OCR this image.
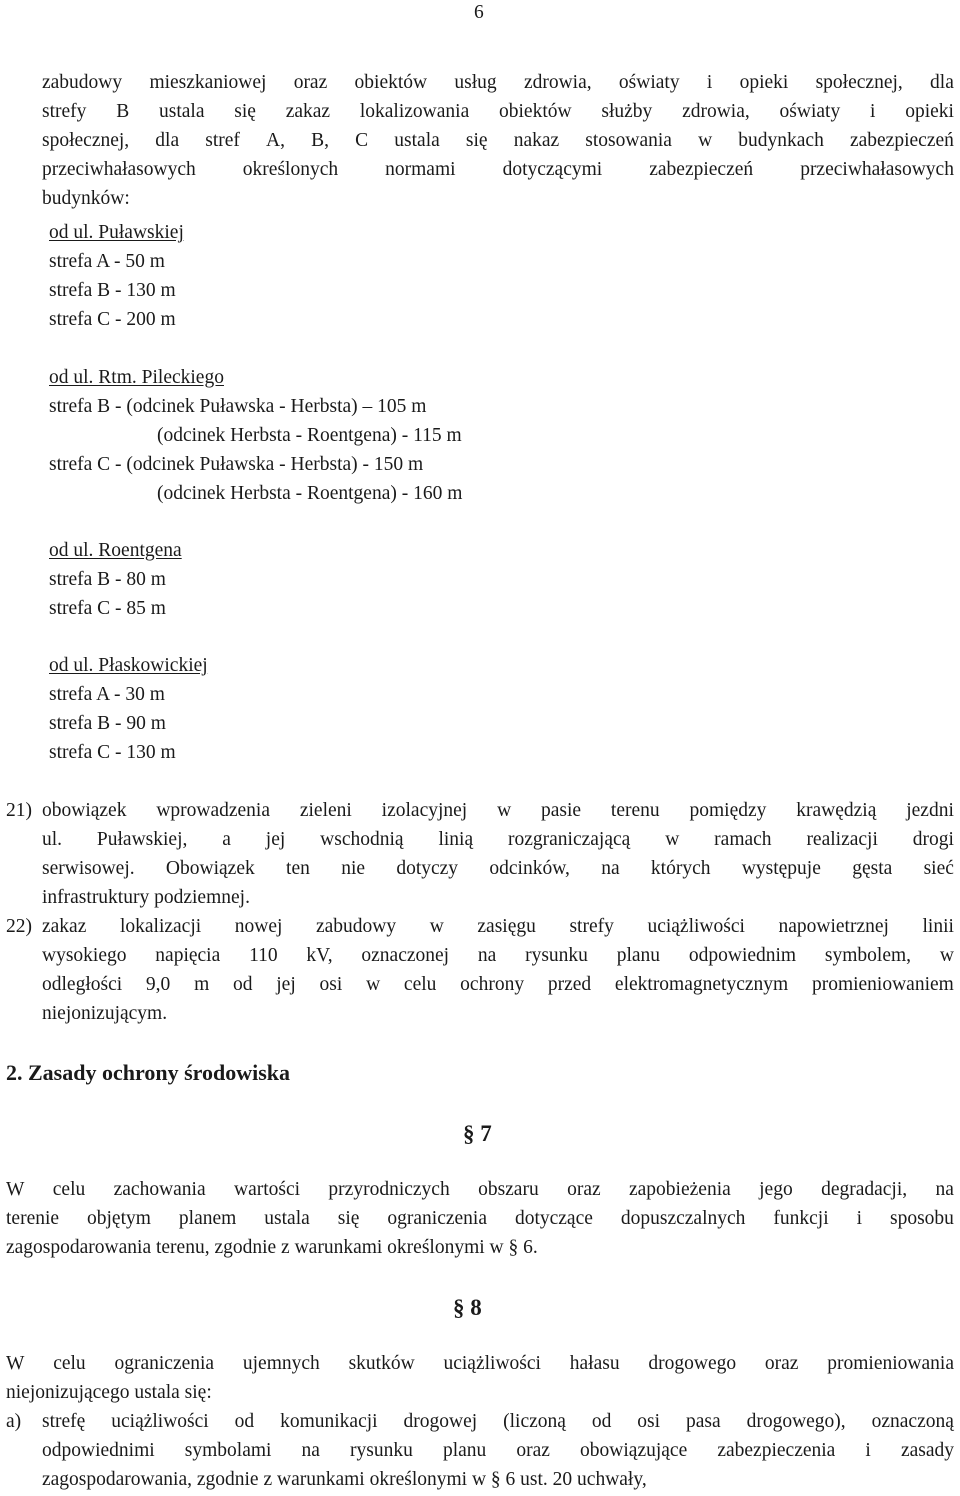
6
zabudowy mieszkaniowej oraz obiektów usług zdrowia, oświaty i opieki społecznej, dla
strefy B ustala się zakaz lokalizowania obiektów służby zdrowia, oświaty i opieki
społecznej, dla stref A, B, C ustala się nakaz stosowania w budynkach zabezpieczeń
przeciwhałasowych określonych normami dotyczącymi zabezpieczeń przeciwhałasowych
budynków:
od ul. Puławskiej
strefa A - 50 m
strefa B - 130 m
strefa C - 200 m
od ul. Rtm. Pileckiego
strefa B - (odcinek Puławska - Herbsta) – 105 m
(odcinek Herbsta - Roentgena) - 115 m
strefa C - (odcinek Puławska - Herbsta) - 150 m
(odcinek Herbsta - Roentgena) - 160 m
od ul. Roentgena
strefa B - 80 m
strefa C - 85 m
od ul. Płaskowickiej
strefa A - 30 m
strefa B - 90 m
strefa C - 130 m
21) obowiązek wprowadzenia zieleni izolacyjnej w pasie terenu pomiędzy krawędzią jezdni
ul. Puławskiej, a jej wschodnią linią rozgraniczającą w ramach realizacji drogi
serwisowej. Obowiązek ten nie dotyczy odcinków, na których występuje gęsta sieć
infrastruktury podziemnej.
22) zakaz lokalizacji nowej zabudowy w zasięgu strefy uciążliwości napowietrznej linii
wysokiego napięcia 110 kV, oznaczonej na rysunku planu odpowiednim symbolem, w
odległości 9,0 m od jej osi w celu ochrony przed elektromagnetycznym promieniowaniem
niejonizującym.
2. Zasady ochrony środowiska
§ 7
W celu zachowania wartości przyrodniczych obszaru oraz zapobieżenia jego degradacji, na
terenie objętym planem ustala się ograniczenia dotyczące dopuszczalnych funkcji i sposobu
zagospodarowania terenu, zgodnie z warunkami określonymi w § 6.
§ 8
W celu ograniczenia ujemnych skutków uciążliwości hałasu drogowego oraz promieniowania
niejonizującego ustala się:
a) strefę uciążliwości od komunikacji drogowej (liczoną od osi pasa drogowego), oznaczoną
odpowiednimi symbolami na rysunku planu oraz obowiązujące zabezpieczenia i zasady
zagospodarowania, zgodnie z warunkami określonymi w § 6 ust. 20 uchwały,
